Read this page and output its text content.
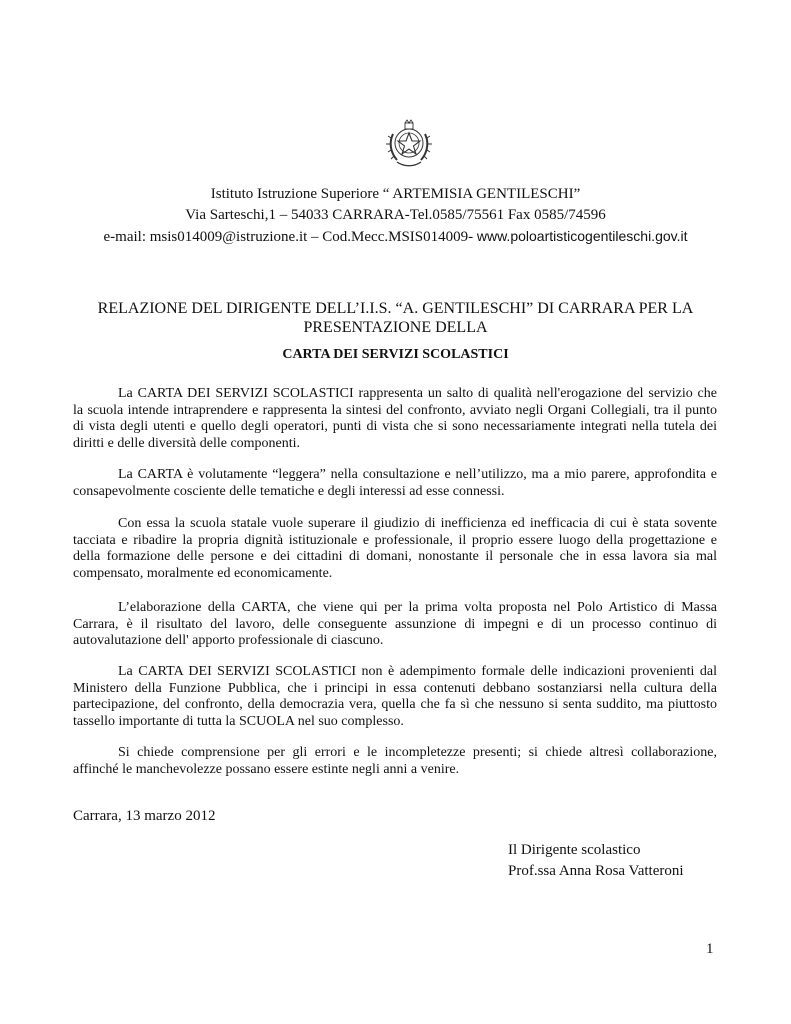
Istituto Istruzione Superiore “ ARTEMISIA GENTILESCHI”
Via Sarteschi,1 – 54033 CARRARA-Tel.0585/75561 Fax 0585/74596
e-mail: msis014009@istruzione.it – Cod.Mecc.MSIS014009- www.poloartisticogentileschi.gov.it
RELAZIONE DEL DIRIGENTE DELL’I.I.S. “A. GENTILESCHI” DI CARRARA PER LA
PRESENTAZIONE DELLA
CARTA DEI SERVIZI SCOLASTICI
La CARTA DEI SERVIZI SCOLASTICI rappresenta un salto di qualità nell'erogazione del servizio che
la scuola intende intraprendere e rappresenta la sintesi del confronto, avviato negli Organi Collegiali, tra il punto
di vista degli utenti e quello degli operatori, punti di vista che si sono necessariamente integrati nella tutela dei
diritti e delle diversità delle componenti.
La CARTA è volutamente “leggera” nella consultazione e nell’utilizzo, ma a mio parere, approfondita e
consapevolmente cosciente delle tematiche e degli interessi ad esse connessi.
Con essa la scuola statale vuole superare il giudizio di inefficienza ed inefficacia di cui è stata sovente
tacciata e ribadire la propria dignità istituzionale e professionale, il proprio essere luogo della progettazione e
della formazione delle persone e dei cittadini di domani, nonostante il personale che in essa lavora sia mal
compensato, moralmente ed economicamente.
L’elaborazione della CARTA, che viene qui per la prima volta proposta nel Polo Artistico di Massa
Carrara, è il risultato del lavoro, delle conseguente assunzione di impegni e di un processo continuo di
autovalutazione dell' apporto professionale di ciascuno.
La CARTA DEI SERVIZI SCOLASTICI non è adempimento formale delle indicazioni provenienti dal
Ministero della Funzione Pubblica, che i principi in essa contenuti debbano sostanziarsi nella cultura della
partecipazione, del confronto, della democrazia vera, quella che fa sì che nessuno si senta suddito, ma piuttosto
tassello importante di tutta la SCUOLA nel suo complesso.
Si chiede comprensione per gli errori e le incompletezze presenti; si chiede altresì collaborazione,
affinché le manchevolezze possano essere estinte negli anni a venire.
Carrara, 13 marzo 2012
Il Dirigente scolastico
Prof.ssa Anna Rosa Vatteroni
1
